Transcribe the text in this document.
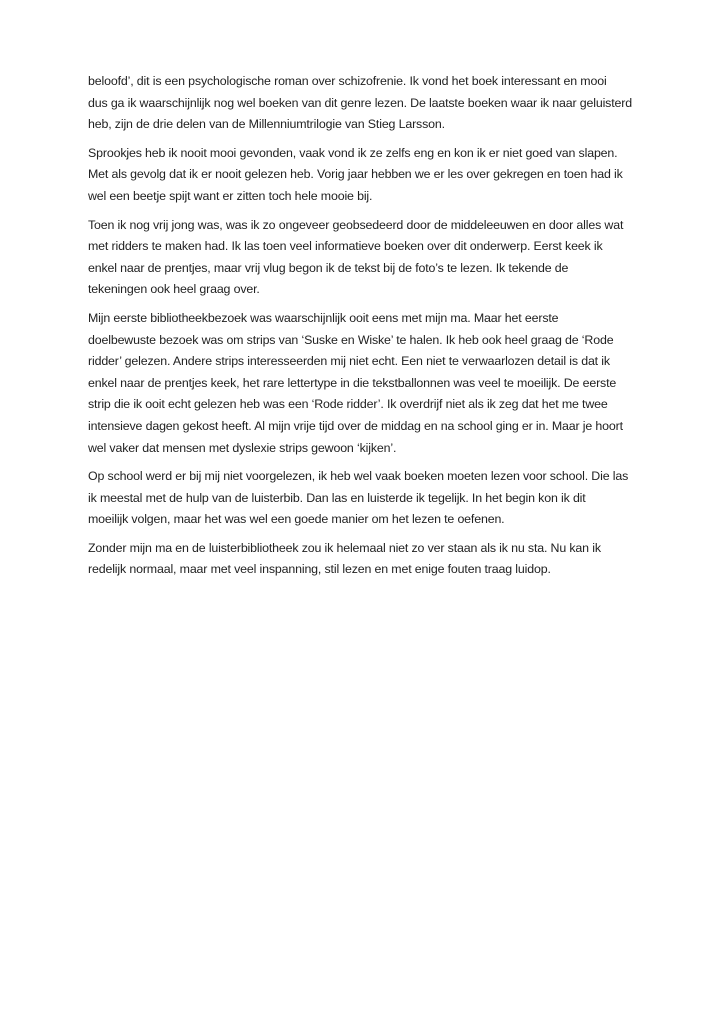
beloofd’, dit is een psychologische roman over schizofrenie. Ik vond het boek interessant en mooi
dus ga ik waarschijnlijk nog wel boeken van dit genre lezen. De laatste boeken waar ik naar geluisterd
heb, zijn de drie delen van de Millenniumtrilogie van Stieg Larsson.

Sprookjes heb ik nooit mooi gevonden, vaak vond ik ze zelfs eng en kon ik er niet goed van slapen.
Met als gevolg dat ik er nooit gelezen heb. Vorig jaar hebben we er les over gekregen en toen had ik
wel een beetje spijt want er zitten toch hele mooie bij.

Toen ik nog vrij jong was, was ik zo ongeveer geobsedeerd door de middeleeuwen en door alles wat
met ridders te maken had. Ik las toen veel informatieve boeken over dit onderwerp. Eerst keek ik
enkel naar de prentjes, maar vrij vlug begon ik de tekst bij de foto’s te lezen. Ik tekende de
tekeningen ook heel graag over.

Mijn eerste bibliotheekbezoek was waarschijnlijk ooit eens met mijn ma. Maar het eerste
doelbewuste bezoek was om strips van ‘Suske en Wiske’ te halen. Ik heb ook heel graag de ‘Rode
ridder’ gelezen. Andere strips interesseerden mij niet echt. Een niet te verwaarlozen detail is dat ik
enkel naar de prentjes keek, het rare lettertype in die tekstballonnen was veel te moeilijk. De eerste
strip die ik ooit echt gelezen heb was een ‘Rode ridder’. Ik overdrijf niet als ik zeg dat het me twee
intensieve dagen gekost heeft. Al mijn vrije tijd over de middag en na school ging er in. Maar je hoort
wel vaker dat mensen met dyslexie strips gewoon ‘kijken’.

Op school werd er bij mij niet voorgelezen, ik heb wel vaak boeken moeten lezen voor school. Die las
ik meestal met de hulp van de luisterbib. Dan las en luisterde ik tegelijk. In het begin kon ik dit
moeilijk volgen, maar het was wel een goede manier om het lezen te oefenen.

Zonder mijn ma en de luisterbibliotheek zou ik helemaal niet zo ver staan als ik nu sta. Nu kan ik
redelijk normaal, maar met veel inspanning, stil lezen en met enige fouten traag luidop.
